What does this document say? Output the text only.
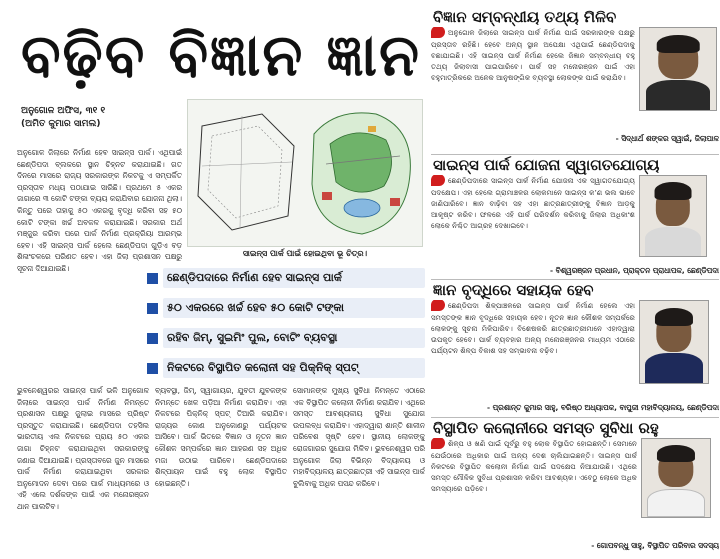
ବଢ଼ିବ ବିଜ୍ଞାନ ଜ୍ଞାନ
ଅନୁଗୋଳ ଅଫିସ, ୩୧ ୧
(ଅମିତ କୁମାର ସାମଲ)
ସାଇନ୍ସ ପାର୍କ ପାଇଁ ହୋଇଥିବା ଭୂ ଚିତ୍ର।
ଅନୁଗୋଳ ଜିଲାରେ ନିର୍ମାଣ ହେବ ସାଇନ୍ସ ପାର୍କ। ଏଥିପାଇଁ ଛେଣ୍ଡିପଦା ବ୍ଲକରେ ସ୍ଥାନ ଚିହ୍ନଟ କରାଯାଇଛି। ଗତ ଦିନରେ ମାସରେ ରାଜ୍ୟ ସରକାରଙ୍କ ନିକଟକୁ ଏ ସମ୍ପର୍କିତ ପ୍ରସ୍ତାବ ମଧ୍ୟ ପଠାଯାଇ ସାରିଛି। ପ୍ରଥମେ ୫ ଏକର ଜାଗାରେ ୩ କୋଟି ଟଙ୍କା ବ୍ୟୟ କରାଯିବାର ଯୋଜନା ଥିଲା। କିନ୍ତୁ ପରେ ତାହାକୁ ୫୦ ଏକରକୁ ବୃଦ୍ଧି କରିବା ସହ ୫୦ କୋଟି ଟଙ୍କା ଖର୍ଚ୍ଚ ଅବକଳ କରାଯାଇଛି। ସରକାର ଅର୍ଥ ମଞ୍ଜୁର କରିବା ପରେ ପାର୍କ ନିର୍ମାଣ ପ୍ରକ୍ରିୟା ଆରମ୍ଭ ହେବ। ଏହି ସାଇନ୍ସ ପାର୍କ ହେଲେ ଛେଣ୍ଡିପଦା ଗୁଡ଼ିଏ ବଡ଼ ଶିଳାଂଚଳରେ ପରିଣତ ହେବ। ଏହା ଜିଲା ପ୍ରଶାସନ ପକ୍ଷରୁ ସୂଚନା ଦିଆଯାଇଛି।
ଛେଣ୍ଡିପଦାରେ ନିର୍ମାଣ ହେବ ସାଇନ୍ସ ପାର୍କ
୫୦ ଏକରରେ ଖର୍ଚ୍ଚ ହେବ ୫୦ କୋଟି ଟଙ୍କା
ରହିବ ଜିମ୍, ସୁଇମିଂ ପୁଲ, ବୋଟିଂ ବ୍ୟବସ୍ଥା
ନିକଟରେ ବିସ୍ଥାପିତ କଲୋନୀ ସହ ପିକ୍‌ନିକ୍ ସ୍ପଟ୍
ଭୁବନେଶ୍ୱରର ସାଇନ୍ସ ପାର୍କ ଭଳି ଅନୁଗୋଳ ଜିଲାରେ ସାଇନ୍ସ ପାର୍କ ନିର୍ମାଣ ନିମନ୍ତେ ପ୍ରଶାସନ ପକ୍ଷରୁ ଜୁଲାଇ ମାସରେ ପ୍ରିଷ୍ଟ ପ୍ରସ୍ତୁତ କରାଯାଇଛି। ଛେଣ୍ଡିପଦା ତହସିଲ ଭାରତୀୟ ଏଲ ନିକଟରେ ପ୍ରାୟ ୫୦ ଏକର ଜାଗା ଚିହ୍ନଟ କରାଯାଇଥିବା ସରକାରଙ୍କୁ ଜଣାଇ ଦିଆଯାଇଛି। ପ୍ରସ୍ତାବରେ ଜୁନ ମାସରେ ପାର୍କ ନିର୍ମାଣ କରାଯାଇଥିବା ସରକାର ଅନୁମୋଦନ ଦେବା ପରେ ପାର୍କ ମାଧ୍ୟମରେ ଓ ଏହି ଏଲେ ଦର୍ଶକଙ୍କ ପାଇଁ ଏକ ମନୋରଞ୍ଜନ ଥାନ ପାଲଟିବ।
ବ୍ୟବସ୍ଥା, ଜିମ୍, ସ୍ୱାଗାୟର, ଯୁବତୀ ଯୁବକଙ୍କ ନିମନ୍ତେ ଖେଳ ପଡ଼ିଆ ନିର୍ମାଣ କରାଯିବ। ଏହା ନିକଟରେ ପିକ୍‌ନିକ୍ ସ୍ପଟ୍ ତିଆରି କରାଯିବ। ରାଜ୍ୟର କୋଣ ଅନୁକୋଣରୁ ପର୍ଯ୍ୟଟକ ଆସିବେ। ପାର୍କ ଭିତରେ ବିଜ୍ଞାନ ଓ ନୂତନ ଜ୍ଞାନ କୌଶଳ ସମ୍ପର୍କରେ ଜ୍ଞାନ ଆହରଣ ସହ ଅଧିକ ମଜା ଉଠାଇ ପାରିବେ। ଛେଣ୍ଡିପଦାରେ ଶିଳ୍ପାୟନ ପାଇଁ ବହୁ ଲୋକ ବିସ୍ଥାପିତ ହୋଇଛନ୍ତି।
ସୋମାନଙ୍କ ମୁଖ୍ୟ ସୁବିଧା ନିମନ୍ତେ ଏଠାରେ ଏକ ବିସ୍ଥାପିତ କଲୋନୀ ନିର୍ମାଣ କରାଯିବ। ଏଥିରେ ସମସ୍ତ ଆବଶ୍ୟକୀୟ ସୁବିଧା ସୁଯୋଗ ଉପଲବ୍ଧ କରାଯିବ। ଏହାଦ୍ୱାରା ଶାନ୍ତି ଶାଳୀନ ପରିବେଶ ସୃଷ୍ଟି ହେବ। ସ୍ଥାନୀୟ ଲୋକଙ୍କୁ ରୋଜଗାରର ସୁଯୋଗ ମିଳିବ। ଭୁବନେଶ୍ୱର ପରି ଅନୁଗୋଳ ଜିଲା ବିଭିନ୍ନ ବିଦ୍ୟାଳୟ ଓ ମହାବିଦ୍ୟାଳୟ ଛାତ୍ରଛାତ୍ରୀ ଏହି ସାଇନ୍ସ ପାର୍କ ବୁଲିବାକୁ ଅଧିକ ପସନ୍ଦ କରିବେ।
ବିଜ୍ଞାନ ସମ୍ବନ୍ଧୀୟ ତଥ୍ୟ ମିଳିବ
ଅନୁଗୋଳ ଜିଲାରେ ସାଇନ୍ସ ପାର୍କ ନିର୍ମାଣ ପାଇଁ ସରକାରଙ୍କ ପକ୍ଷରୁ ପ୍ରସ୍ତାବ ରହିଛି। ହେବେ ଅନ୍ୟ ସ୍ଥାନ ଅପେକ୍ଷା ଏଥିପାଇଁ ଛେଣ୍ଡିପଦାକୁ ବଛାଯାଇଛି। ଏହି ସାଇନ୍ସ ପାର୍କ ନିର୍ମାଣ ହେଲେ ଜିଜ୍ଞାନ ସମ୍ବନ୍ଧୀୟ ବହୁ ତଥ୍ୟ ଜିଲାବାସୀ ପାଇପାରିବେ। ପାର୍କ ସହ ମନୋରଞ୍ଜନ ପାଇଁ ଏହା ବହୁମାତ୍ରିକରେ ଅନେକ ଆନୁଷଙ୍ଗିକ ବ୍ୟବସ୍ଥା ଲୋକଙ୍କ ପାଇଁ କରାଯିବ।
- ସିଦ୍ଧାର୍ଥ ଶଙ୍କର ସ୍ୱାଇଁ, ଜିଲାପାଳ
ସାଇନ୍ସ ପାର୍କ ଯୋଜନା ସ୍ୱାଗତଯୋଗ୍ୟ
ଛେଣ୍ଡିପଦାରେ ସାଇନ୍ସ ପାର୍କ ନିର୍ମାଣ ଯୋଜନା ଏକ ସ୍ୱାଗତଯୋଗ୍ୟ ପଦକ୍ଷେପ। ଏହା ହେଲେ ଗ୍ରାମାଞ୍ଚଳର ଲୋକମାନେ ସାଇନ୍ସ କ’ଣ ଭଲ ଭାବେ ଜାଣିପାରିବେ। ଜ୍ଞାନ ବାଢ଼ିବା ସହ ଏହା ଛାତ୍ରଛାତ୍ରୀଙ୍କୁ ବିଜ୍ଞାନ ଆଡ଼କୁ ଆକୃଷ୍ଟ କରିବ। ଫଳରେ ଏହି ପାର୍କ ପରିଦର୍ଶନ କରିବାକୁ ଜିଲାର ଅଧିକାଂଶ ଲୋକେ ନିଶ୍ଚିତ ଆଗ୍ରହ ଦେଖାଇବେ।
- ବିଶ୍ୱରଞ୍ଜନ ପ୍ରଧାନ, ପ୍ରାକ୍ତନ ପ୍ରାଧାପକ, ଛେଣ୍ଡିପଦା
ଜ୍ଞାନ ବୃଦ୍ଧିରେ ସହାୟକ ହେବ
ଛେଣ୍ଡିପଦା ଶିଳ୍ପାଞ୍ଚଳରେ ସାଇନ୍ସ ପାର୍କ ନିର୍ମାଣ ହେଲେ ଏହା ସମସ୍ତଙ୍କ ଜ୍ଞାନ ବୃଦ୍ଧିରେ ସହାୟକ ହେବ। ନୂତନ ଜ୍ଞାନ କୌଶଳ ସମ୍ପର୍କରେ ଲୋକଙ୍କୁ ସୂଚନା ମିଳିପାରିବ। ବିଶେଷକରି ଛାତ୍ରଛାତ୍ରୀମାନେ ଏହାଦ୍ୱାରା ଉପକୃତ ହେବେ। ପାର୍କ ବ୍ୟବହାର ଅନ୍ୟ ମନୋରଞ୍ଜନର ମାଧ୍ୟମ ଏଠାରେ ପର୍ଯ୍ୟଟନ ଶିଳ୍ପ ବିକାଶ ସହ ସମ୍ଭାବନା ବଢ଼ିବ।
- ପ୍ରଶାନ୍ତ କୁମାର ସାହୁ, ବରିଷ୍ଠ ଅଧ୍ୟାପକ, ବାପୁଜୀ ମହାବିଦ୍ୟାଳୟ, ଛେଣ୍ଡିପଦା
ବିସ୍ଥାପିତ କଲୋନୀରେ ସମସ୍ତ ସୁବିଧା ରହୁ
ଶିଳ୍ପ ଓ ଖଣି ପାଇଁ ପୂର୍ବରୁ ବହୁ ଲୋକ ବିସ୍ଥାପିତ ହୋଇଛନ୍ତି। ସେମାନେ ଯେଉଁଠାରେ ଅଧିକାର ପାଇଁ ଅନ୍ୟ ଦେଶ ଚାଲିଯାଇଛନ୍ତି। ସାଇନ୍ସ ପାର୍କ ନିକଟରେ ବିସ୍ଥାପିତ କଲୋନୀ ନିର୍ମାଣ ପାଇଁ ପଦକ୍ଷେପ ନିଆଯାଉଛି। ଏଥିରେ ସମସ୍ତ ମୌଳିକ ସୁବିଧା ପ୍ରଶାସନ କରିବା ଆବଶ୍ୟକ। ଏବେଠୁ ଲୋକେ ଅଧିକ ସମସ୍ୟାରେ ପଡ଼ିବେ।
- ଗୋପବନ୍ଧୁ ସାହୁ, ବିସ୍ଥାପିତ ପରିବାର ସଦସ୍ୟ
